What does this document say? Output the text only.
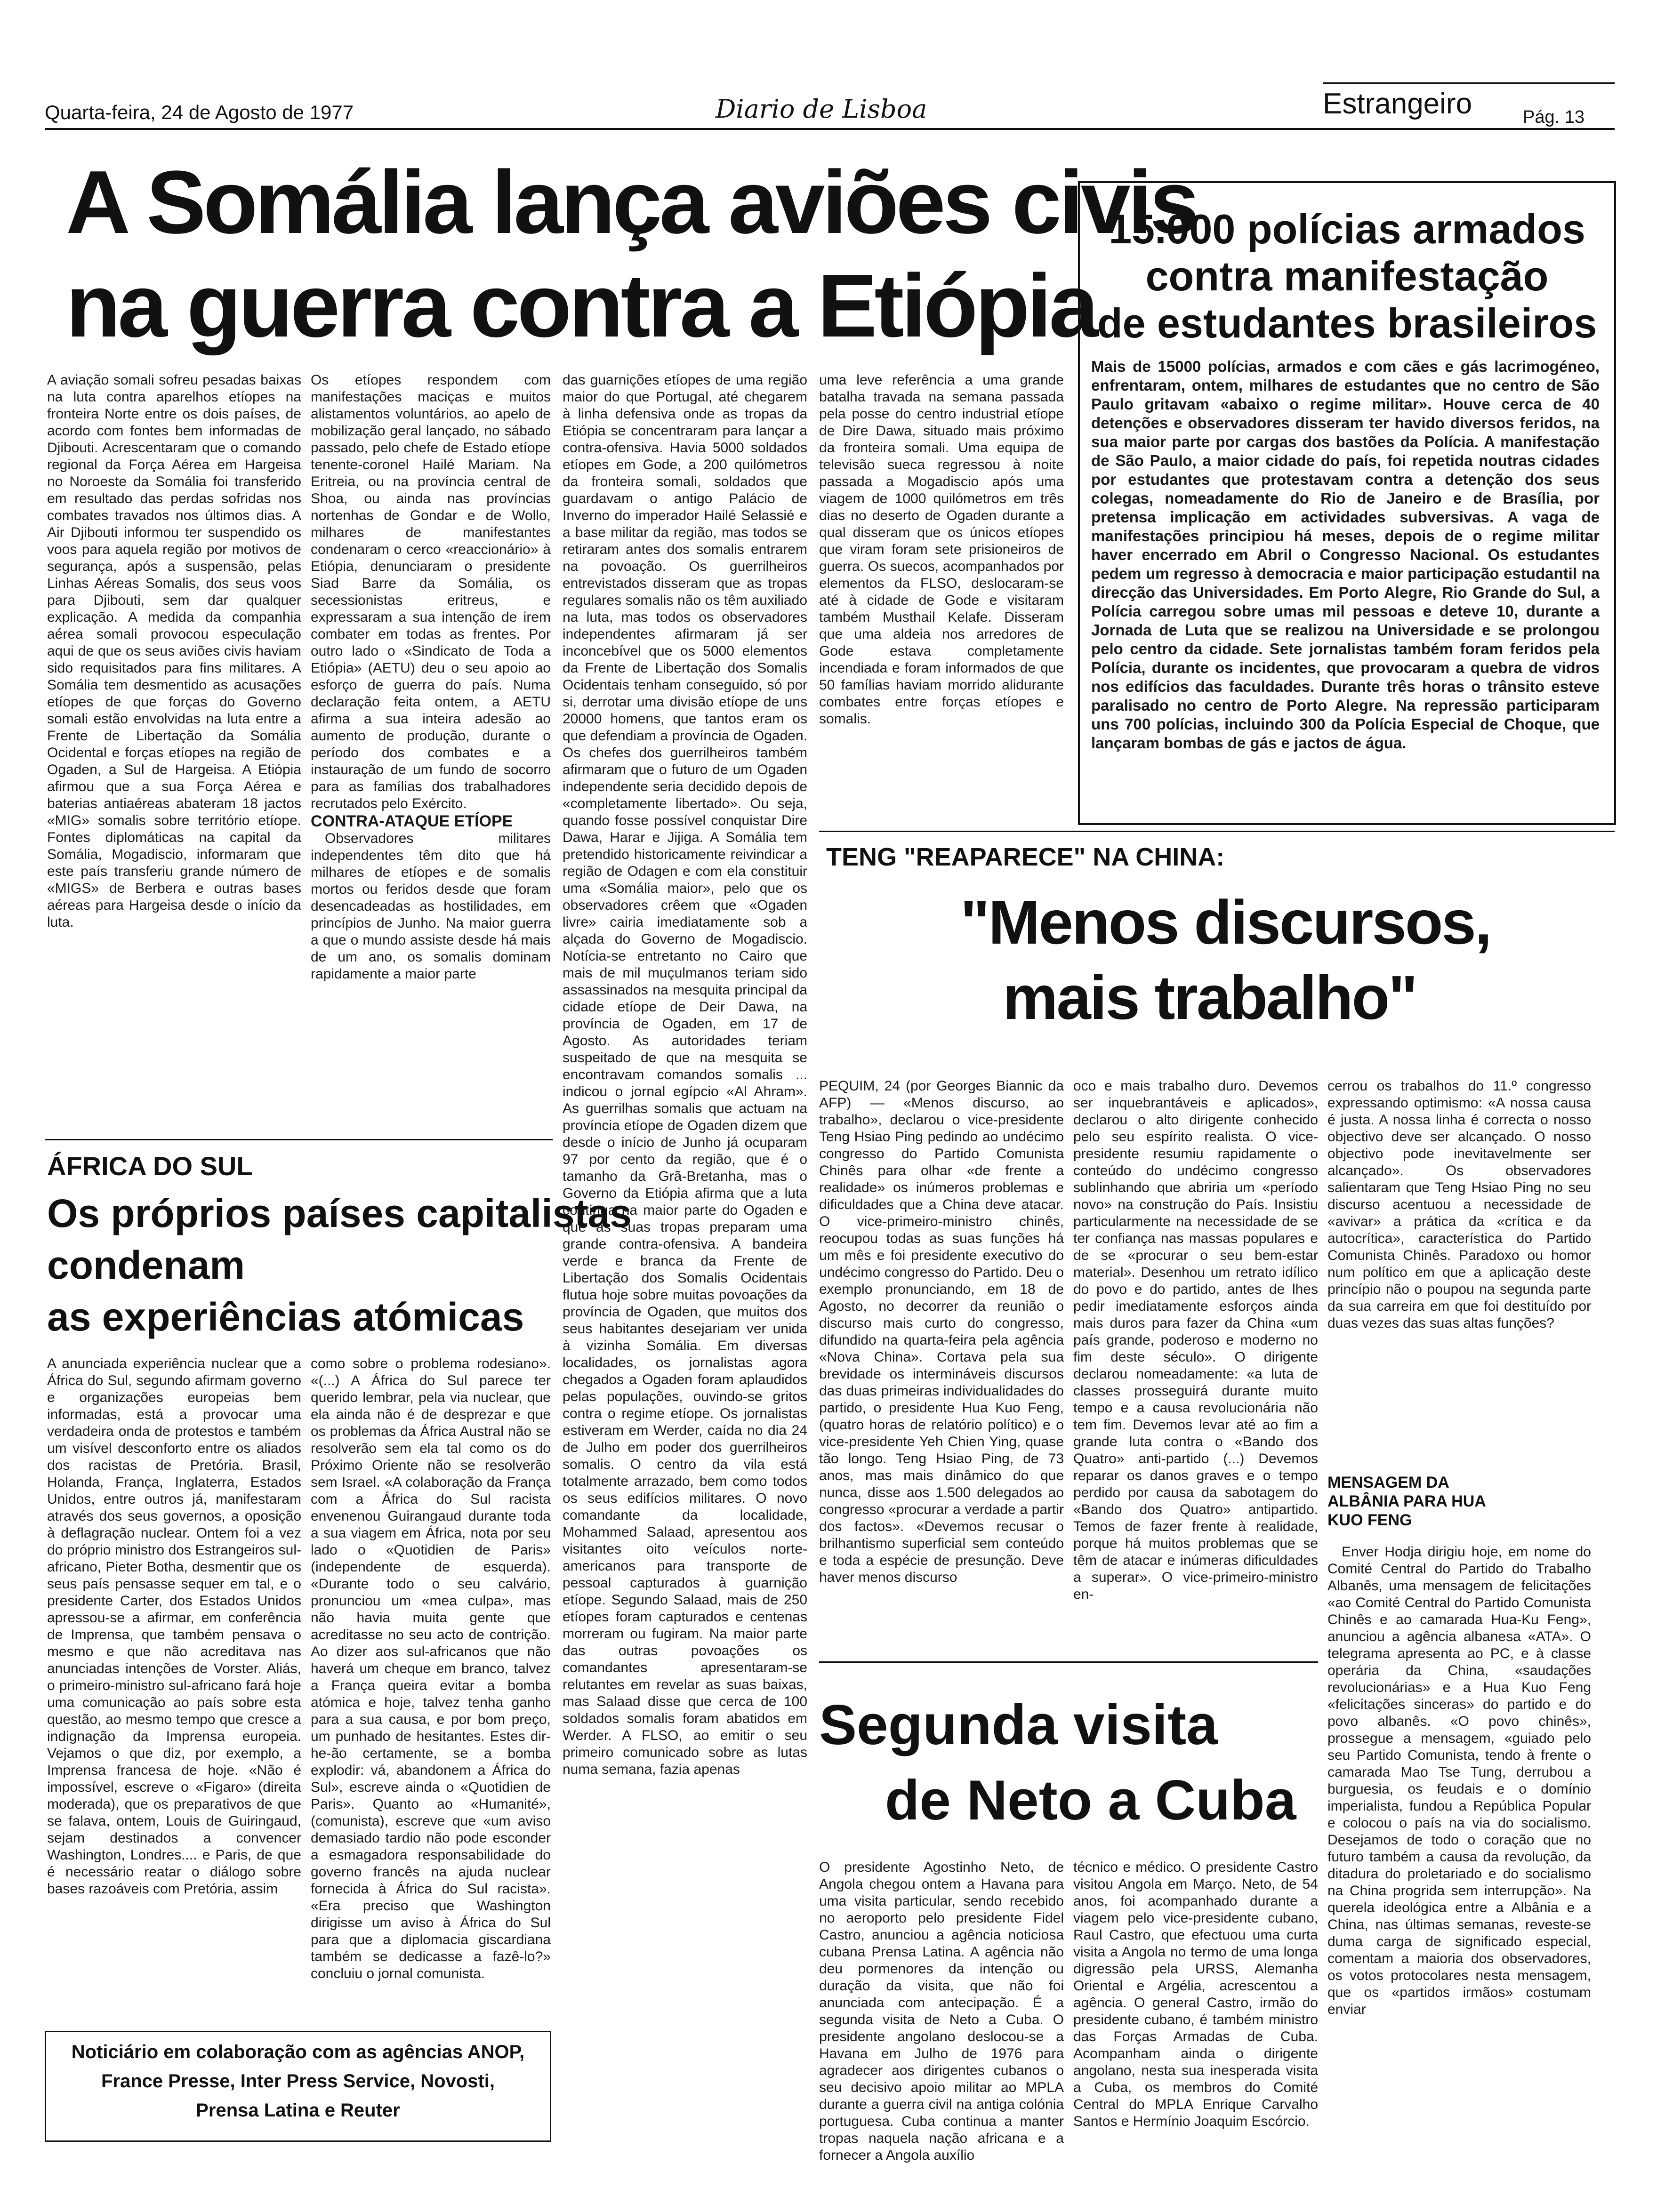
Quarta-feira, 24 de Agosto de 1977	Diario de Lisboa	Estrangeiro	Pág. 13
A Somália lança aviões civis
na guerra contra a Etiópia

A aviação somali sofreu pesadas baixas na luta contra aparelhos etíopes na fronteira Norte entre os dois países, de acordo com fontes bem informadas de Djibouti. Acrescentaram que o comando regional da Força Aérea em Hargeisa no Noroeste da Somália foi transferido em resultado das perdas sofridas nos combates travados nos últimos dias. A Air Djibouti informou ter suspendido os voos para aquela região por motivos de segurança, após a suspensão, pelas Linhas Aéreas Somalis, dos seus voos para Djibouti, sem dar qualquer explicação. A medida da companhia aérea somali provocou especulação aqui de que os seus aviões civis haviam sido requisitados para fins militares. A Somália tem desmentido as acusações etíopes de que forças do Governo somali estão envolvidas na luta entre a Frente de Libertação da Somália Ocidental e forças etíopes na região de Ogaden, a Sul de Hargeisa. A Etiópia afirmou que a sua Força Aérea e baterias antiaéreas abateram 18 jactos «MIG» somalis sobre território etíope. Fontes diplomáticas na capital da Somália, Mogadiscio, informaram que este país transferiu grande número de «MIGS» de Berbera e outras bases aéreas para Hargeisa desde o início da luta.

Os etíopes respondem com manifestações maciças e muitos alistamentos voluntários, ao apelo de mobilização geral lançado, no sábado passado, pelo chefe de Estado etíope tenente-coronel Hailé Mariam. Na Eritreia, ou na província central de Shoa, ou ainda nas províncias nortenhas de Gondar e de Wollo, milhares de manifestantes condenaram o cerco «reaccionário» à Etiópia, denunciaram o presidente Siad Barre da Somália, os secessionistas eritreus, e expressaram a sua intenção de irem combater em todas as frentes. Por outro lado o «Sindicato de Toda a Etiópia» (AETU) deu o seu apoio ao esforço de guerra do país. Numa declaração feita ontem, a AETU afirma a sua inteira adesão ao aumento de produção, durante o período dos combates e a instauração de um fundo de socorro para as famílias dos trabalhadores recrutados pelo Exército.

CONTRA-ATAQUE ETÍOPE

Observadores militares independentes têm dito que há milhares de etíopes e de somalis mortos ou feridos desde que foram desencadeadas as hostilidades, em princípios de Junho. Na maior guerra a que o mundo assiste desde há mais de um ano, os somalis dominam rapidamente a maior parte

das guarnições etíopes de uma região maior do que Portugal, até chegarem à linha defensiva onde as tropas da Etiópia se concentraram para lançar a contra-ofensiva. Havia 5000 soldados etíopes em Gode, a 200 quilómetros da fronteira somali, soldados que guardavam o antigo Palácio de Inverno do imperador Hailé Selassié e a base militar da região, mas todos se retiraram antes dos somalis entrarem na povoação. Os guerrilheiros entrevistados disseram que as tropas regulares somalis não os têm auxiliado na luta, mas todos os observadores independentes afirmaram já ser inconcebível que os 5000 elementos da Frente de Libertação dos Somalis Ocidentais tenham conseguido, só por si, derrotar uma divisão etíope de uns 20000 homens, que tantos eram os que defendiam a província de Ogaden. Os chefes dos guerrilheiros também afirmaram que o futuro de um Ogaden independente seria decidido depois de «completamente libertado». Ou seja, quando fosse possível conquistar Dire Dawa, Harar e Jijiga. A Somália tem pretendido historicamente reivindicar a região de Odagen e com ela constituir uma «Somália maior», pelo que os observadores crêem que «Ogaden livre» cairia imediatamente sob a alçada do Governo de Mogadiscio. Notícia-se entretanto no Cairo que mais de mil muçulmanos teriam sido assassinados na mesquita principal da cidade etíope de Deir Dawa, na província de Ogaden, em 17 de Agosto. As autoridades teriam suspeitado de que na mesquita se encontravam comandos somalis ... indicou o jornal egípcio «Al Ahram». As guerrilhas somalis que actuam na província etíope de Ogaden dizem que desde o início de Junho já ocuparam 97 por cento da região, que é o tamanho da Grã-Bretanha, mas o Governo da Etiópia afirma que a luta continua na maior parte do Ogaden e que as suas tropas preparam uma grande contra-ofensiva. A bandeira verde e branca da Frente de Libertação dos Somalis Ocidentais flutua hoje sobre muitas povoações da província de Ogaden, que muitos dos seus habitantes desejariam ver unida à vizinha Somália. Em diversas localidades, os jornalistas agora chegados a Ogaden foram aplaudidos pelas populações, ouvindo-se gritos contra o regime etíope. Os jornalistas estiveram em Werder, caída no dia 24 de Julho em poder dos guerrilheiros somalis. O centro da vila está totalmente arrazado, bem como todos os seus edifícios militares. O novo comandante da localidade, Mohammed Salaad, apresentou aos visitantes oito veículos norte-americanos para transporte de pessoal capturados à guarnição etíope. Segundo Salaad, mais de 250 etíopes foram capturados e centenas morreram ou fugiram. Na maior parte das outras povoações os comandantes apresentaram-se relutantes em revelar as suas baixas, mas Salaad disse que cerca de 100 soldados somalis foram abatidos em Werder. A FLSO, ao emitir o seu primeiro comunicado sobre as lutas numa semana, fazia apenas

uma leve referência a uma grande batalha travada na semana passada pela posse do centro industrial etíope de Dire Dawa, situado mais próximo da fronteira somali. Uma equipa de televisão sueca regressou à noite passada a Mogadiscio após uma viagem de 1000 quilómetros em três dias no deserto de Ogaden durante a qual disseram que os únicos etíopes que viram foram sete prisioneiros de guerra. Os suecos, acompanhados por elementos da FLSO, deslocaram-se até à cidade de Gode e visitaram também Musthail Kelafe. Disseram que uma aldeia nos arredores de Gode estava completamente incendiada e foram informados de que 50 famílias haviam morrido alidurante combates entre forças etíopes e somalis.

15.000 polícias armados
contra manifestação
de estudantes brasileiros

Mais de 15000 polícias, armados e com cães e gás lacrimogéneo, enfrentaram, ontem, milhares de estudantes que no centro de São Paulo gritavam «abaixo o regime militar». Houve cerca de 40 detenções e observadores disseram ter havido diversos feridos, na sua maior parte por cargas dos bastões da Polícia. A manifestação de São Paulo, a maior cidade do país, foi repetida noutras cidades por estudantes que protestavam contra a detenção dos seus colegas, nomeadamente do Rio de Janeiro e de Brasília, por pretensa implicação em actividades subversivas. A vaga de manifestações principiou há meses, depois de o regime militar haver encerrado em Abril o Congresso Nacional. Os estudantes pedem um regresso à democracia e maior participação estudantil na direcção das Universidades. Em Porto Alegre, Rio Grande do Sul, a Polícia carregou sobre umas mil pessoas e deteve 10, durante a Jornada de Luta que se realizou na Universidade e se prolongou pelo centro da cidade. Sete jornalistas também foram feridos pela Polícia, durante os incidentes, que provocaram a quebra de vidros nos edifícios das faculdades. Durante três horas o trânsito esteve paralisado no centro de Porto Alegre. Na repressão participaram uns 700 polícias, incluindo 300 da Polícia Especial de Choque, que lançaram bombas de gás e jactos de água.

TENG "REAPARECE" NA CHINA:
"Menos discursos,
mais trabalho"

PEQUIM, 24 (por Georges Biannic da AFP) — «Menos discurso, ao trabalho», declarou o vice-presidente Teng Hsiao Ping pedindo ao undécimo congresso do Partido Comunista Chinês para olhar «de frente a realidade» os inúmeros problemas e dificuldades que a China deve atacar. O vice-primeiro-ministro chinês, reocupou todas as suas funções há um mês e foi presidente executivo do undécimo congresso do Partido. Deu o exemplo pronunciando, em 18 de Agosto, no decorrer da reunião o discurso mais curto do congresso, difundido na quarta-feira pela agência «Nova China». Cortava pela sua brevidade os intermináveis discursos das duas primeiras individualidades do partido, o presidente Hua Kuo Feng, (quatro horas de relatório político) e o vice-presidente Yeh Chien Ying, quase tão longo. Teng Hsiao Ping, de 73 anos, mas mais dinâmico do que nunca, disse aos 1.500 delegados ao congresso «procurar a verdade a partir dos factos». «Devemos recusar o brilhantismo superficial sem conteúdo e toda a espécie de presunção. Deve haver menos discurso

oco e mais trabalho duro. Devemos ser inquebrantáveis e aplicados», declarou o alto dirigente conhecido pelo seu espírito realista. O vice-presidente resumiu rapidamente o conteúdo do undécimo congresso sublinhando que abriria um «período novo» na construção do País. Insistiu particularmente na necessidade de se ter confiança nas massas populares e de se «procurar o seu bem-estar material». Desenhou um retrato idílico do povo e do partido, antes de lhes pedir imediatamente esforços ainda mais duros para fazer da China «um país grande, poderoso e moderno no fim deste século». O dirigente declarou nomeadamente: «a luta de classes prosseguirá durante muito tempo e a causa revolucionária não tem fim. Devemos levar até ao fim a grande luta contra o «Bando dos Quatro» anti-partido (...) Devemos reparar os danos graves e o tempo perdido por causa da sabotagem do «Bando dos Quatro» antipartido. Temos de fazer frente à realidade, porque há muitos problemas que se têm de atacar e inúmeras dificuldades a superar». O vice-primeiro-ministro en-

cerrou os trabalhos do 11.º congresso expressando optimismo: «A nossa causa é justa. A nossa linha é correcta o nosso objectivo deve ser alcançado. O nosso objectivo pode inevitavelmente ser alcançado». Os observadores salientaram que Teng Hsiao Ping no seu discurso acentuou a necessidade de «avivar» a prática da «crítica e da autocrítica», característica do Partido Comunista Chinês. Paradoxo ou homor num político em que a aplicação deste princípio não o poupou na segunda parte da sua carreira em que foi destituído por duas vezes das suas altas funções?

MENSAGEM DA ALBÂNIA PARA HUA KUO FENG

Enver Hodja dirigiu hoje, em nome do Comité Central do Partido do Trabalho Albanês, uma mensagem de felicitações «ao Comité Central do Partido Comunista Chinês e ao camarada Hua-Ku Feng», anunciou a agência albanesa «ATA». O telegrama apresenta ao PC, e à classe operária da China, «saudações revolucionárias» e a Hua Kuo Feng «felicitações sinceras» do partido e do povo albanês. «O povo chinês», prossegue a mensagem, «guiado pelo seu Partido Comunista, tendo à frente o camarada Mao Tse Tung, derrubou a burguesia, os feudais e o domínio imperialista, fundou a República Popular e colocou o país na via do socialismo. Desejamos de todo o coração que no futuro também a causa da revolução, da ditadura do proletariado e do socialismo na China progrida sem interrupção». Na querela ideológica entre a Albânia e a China, nas últimas semanas, reveste-se duma carga de significado especial, comentam a maioria dos observadores, os votos protocolares nesta mensagem, que os «partidos irmãos» costumam enviar

ÁFRICA DO SUL
Os próprios países capitalistas
condenam
as experiências atómicas

A anunciada experiência nuclear que a África do Sul, segundo afirmam governo e organizações europeias bem informadas, está a provocar uma verdadeira onda de protestos e também um visível desconforto entre os aliados dos racistas de Pretória. Brasil, Holanda, França, Inglaterra, Estados Unidos, entre outros já, manifestaram através dos seus governos, a oposição à deflagração nuclear. Ontem foi a vez do próprio ministro dos Estrangeiros sul-africano, Pieter Botha, desmentir que os seus país pensasse sequer em tal, e o presidente Carter, dos Estados Unidos apressou-se a afirmar, em conferência de Imprensa, que também pensava o mesmo e que não acreditava nas anunciadas intenções de Vorster. Aliás, o primeiro-ministro sul-africano fará hoje uma comunicação ao país sobre esta questão, ao mesmo tempo que cresce a indignação da Imprensa europeia. Vejamos o que diz, por exemplo, a Imprensa francesa de hoje. «Não é impossível, escreve o «Figaro» (direita moderada), que os preparativos de que se falava, ontem, Louis de Guiringaud, sejam destinados a convencer Washington, Londres.... e Paris, de que é necessário reatar o diálogo sobre bases razoáveis com Pretória, assim

como sobre o problema rodesiano». «(...) A África do Sul parece ter querido lembrar, pela via nuclear, que ela ainda não é de desprezar e que os problemas da África Austral não se resolverão sem ela tal como os do Próximo Oriente não se resolverão sem Israel. «A colaboração da França com a África do Sul racista envenenou Guirangaud durante toda a sua viagem em África, nota por seu lado o «Quotidien de Paris» (independente de esquerda). «Durante todo o seu calvário, pronunciou um «mea culpa», mas não havia muita gente que acreditasse no seu acto de contrição. Ao dizer aos sul-africanos que não haverá um cheque em branco, talvez a França queira evitar a bomba atómica e hoje, talvez tenha ganho para a sua causa, e por bom preço, um punhado de hesitantes. Estes dir-he-ão certamente, se a bomba explodir: vá, abandonem a África do Sul», escreve ainda o «Quotidien de Paris». Quanto ao «Humanité», (comunista), escreve que «um aviso demasiado tardio não pode esconder a esmagadora responsabilidade do governo francês na ajuda nuclear fornecida à África do Sul racista». «Era preciso que Washington dirigisse um aviso à África do Sul para que a diplomacia giscardiana também se dedicasse a fazê-lo?» concluiu o jornal comunista.

Noticiário em colaboração com as agências ANOP,
France Presse, Inter Press Service, Novosti,
Prensa Latina e Reuter
Segunda visita
de Neto a Cuba

O presidente Agostinho Neto, de Angola chegou ontem a Havana para uma visita particular, sendo recebido no aeroporto pelo presidente Fidel Castro, anunciou a agência noticiosa cubana Prensa Latina. A agência não deu pormenores da intenção ou duração da visita, que não foi anunciada com antecipação. É a segunda visita de Neto a Cuba. O presidente angolano deslocou-se a Havana em Julho de 1976 para agradecer aos dirigentes cubanos o seu decisivo apoio militar ao MPLA durante a guerra civil na antiga colónia portuguesa. Cuba continua a manter tropas naquela nação africana e a fornecer a Angola auxílio

técnico e médico. O presidente Castro visitou Angola em Março. Neto, de 54 anos, foi acompanhado durante a viagem pelo vice-presidente cubano, Raul Castro, que efectuou uma curta visita a Angola no termo de uma longa digressão pela URSS, Alemanha Oriental e Argélia, acrescentou a agência. O general Castro, irmão do presidente cubano, é também ministro das Forças Armadas de Cuba. Acompanham ainda o dirigente angolano, nesta sua inesperada visita a Cuba, os membros do Comité Central do MPLA Enrique Carvalho Santos e Hermínio Joaquim Escórcio.
